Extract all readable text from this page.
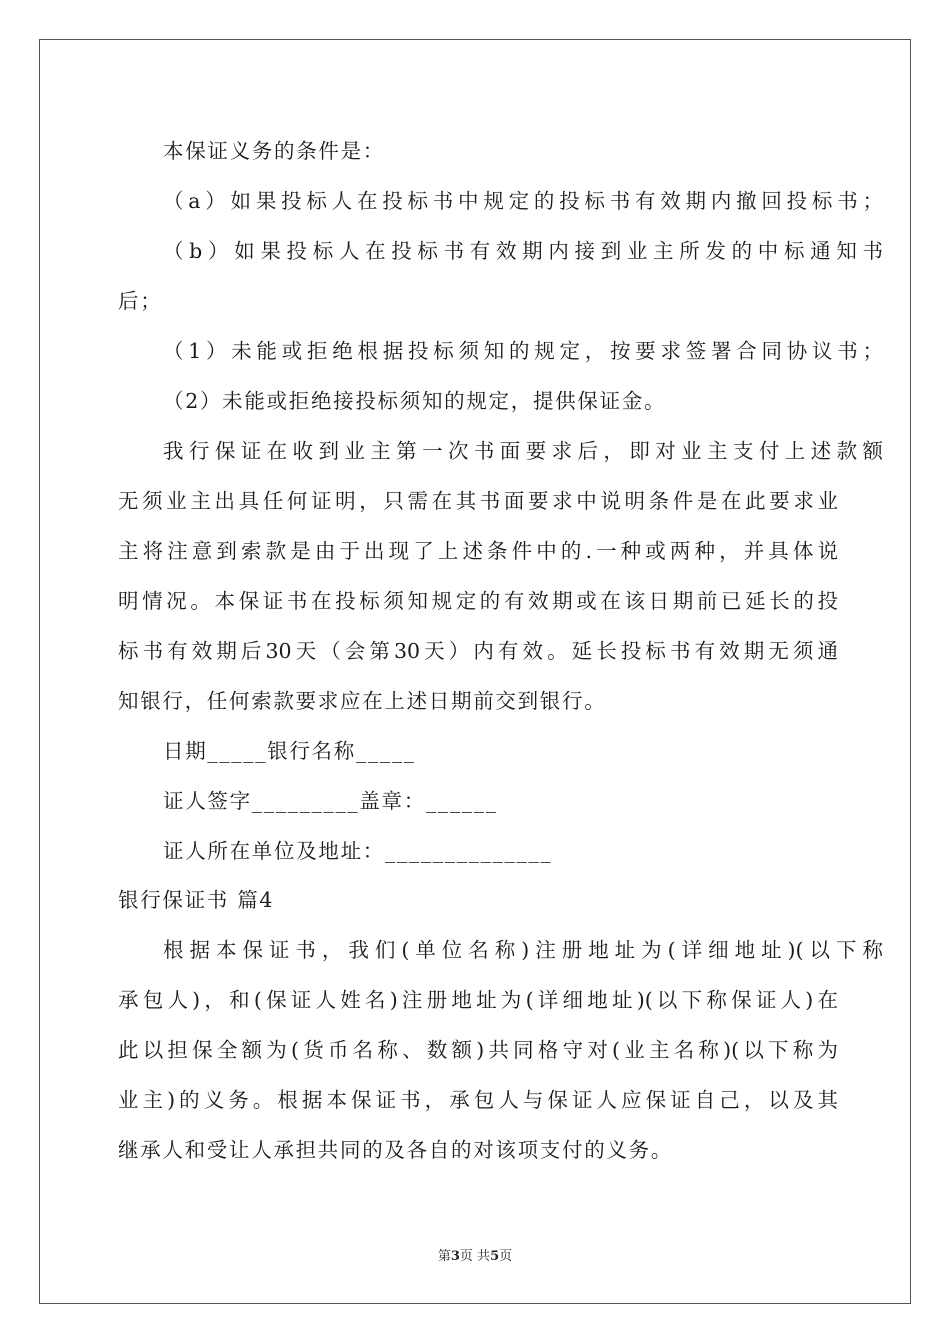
本保证义务的条件是：
（a）如果投标人在投标书中规定的投标书有效期内撤回投标书；
（b）如果投标人在投标书有效期内接到业主所发的中标通知书
后；
（1）未能或拒绝根据投标须知的规定，按要求签署合同协议书；
（2）未能或拒绝接投标须知的规定，提供保证金。
我行保证在收到业主第一次书面要求后，即对业主支付上述款额
无须业主出具任何证明，只需在其书面要求中说明条件是在此要求业
主将注意到索款是由于出现了上述条件中的.一种或两种，并具体说
明情况。本保证书在投标须知规定的有效期或在该日期前已延长的投
标书有效期后30天（会第30天）内有效。延长投标书有效期无须通
知银行，任何索款要求应在上述日期前交到银行。
日期_____银行名称_____
证人签字_________盖章：______
证人所在单位及地址：______________
银行保证书 篇4
根据本保证书，我们(单位名称)注册地址为(详细地址)(以下称
承包人)，和(保证人姓名)注册地址为(详细地址)(以下称保证人)在
此以担保全额为(货币名称、数额)共同格守对(业主名称)(以下称为
业主)的义务。根据本保证书，承包人与保证人应保证自己，以及其
继承人和受让人承担共同的及各自的对该项支付的义务。
第3页 共5页
